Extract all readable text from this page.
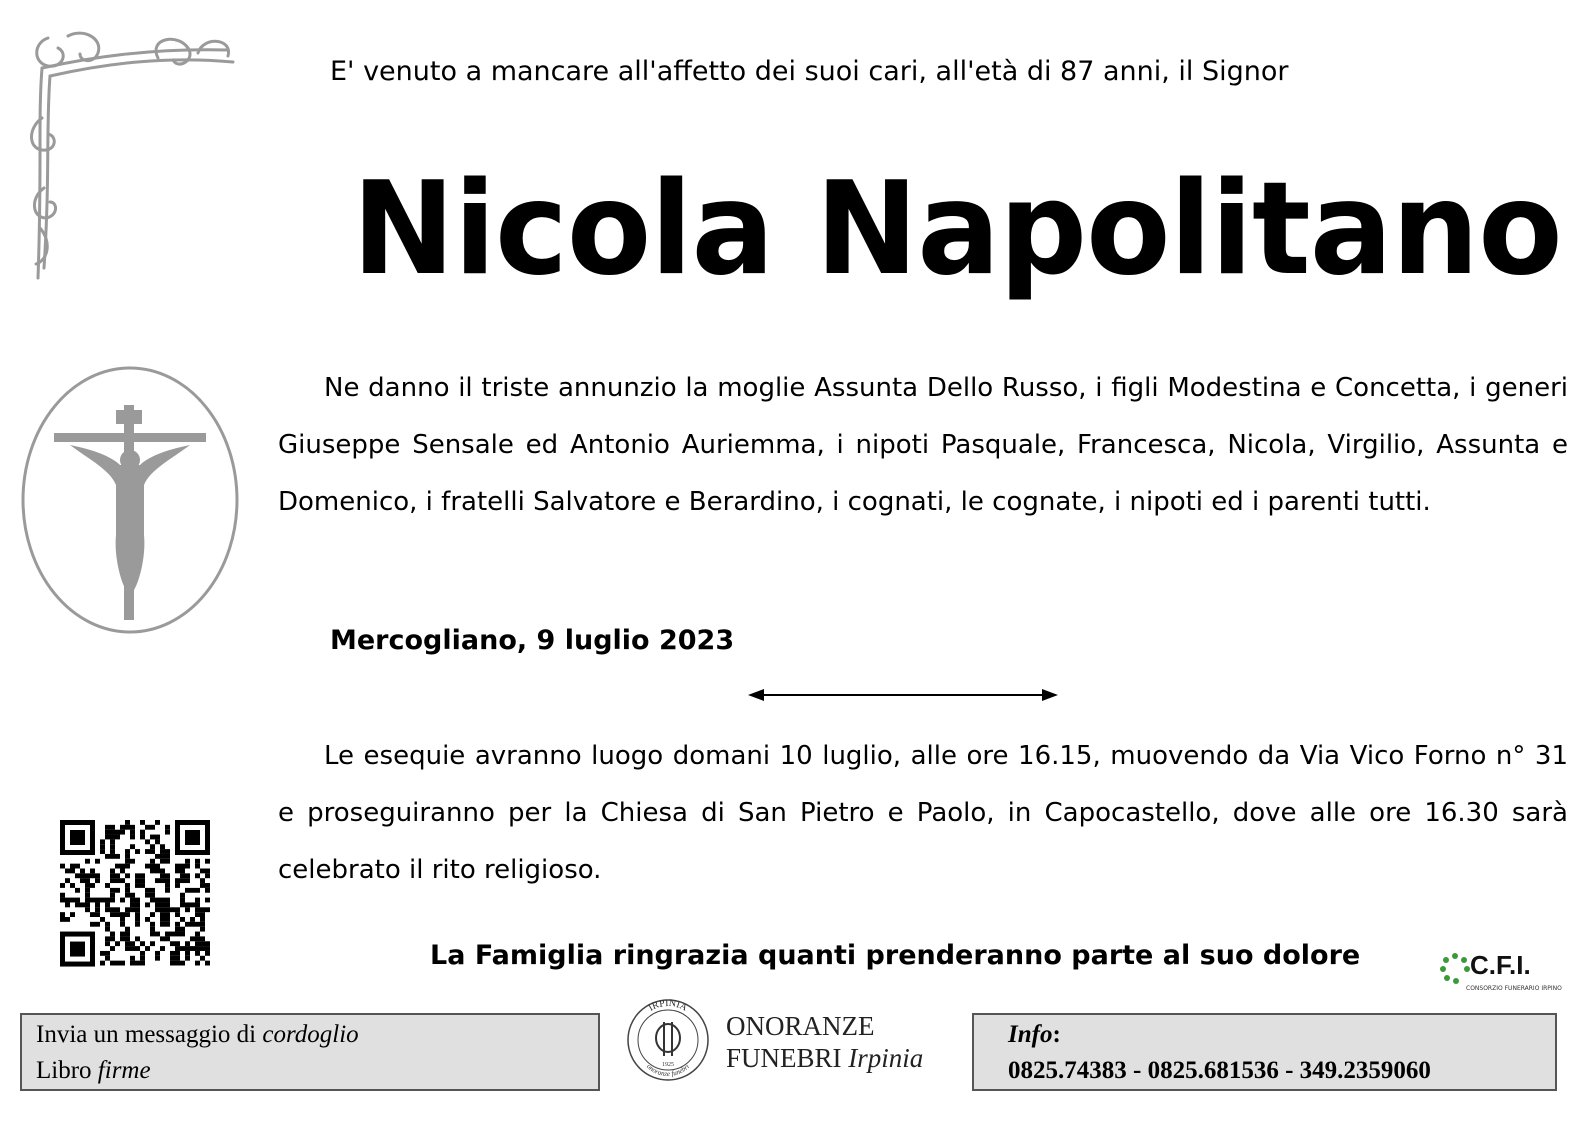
E' venuto a mancare all'affetto dei suoi cari, all'età di 87 anni, il Signor
Nicola Napolitano
Ne danno il triste annunzio la moglie Assunta Dello Russo, i figli Modestina e Concetta, i generi Giuseppe Sensale ed Antonio Auriemma, i nipoti Pasquale, Francesca, Nicola, Virgilio, Assunta e Domenico, i fratelli Salvatore e Berardino, i cognati, le cognate, i nipoti ed i parenti tutti.
Mercogliano, 9 luglio 2023
Le esequie avranno luogo domani 10 luglio, alle ore 16.15, muovendo da Via Vico Forno n° 31 e proseguiranno per la Chiesa di San Pietro e Paolo, in Capocastello, dove alle ore 16.30 sarà celebrato il rito religioso.
La Famiglia ringrazia quanti prenderanno parte al suo dolore	C.F.I.
CONSORZIO FUNERARIO IRPINO
Invia un messaggio di cordoglio
Libro firme
IRPINIA
onoranze funebri
1925
ONORANZE
FUNEBRI Irpinia
Info:
0825.74383 - 0825.681536 - 349.2359060
